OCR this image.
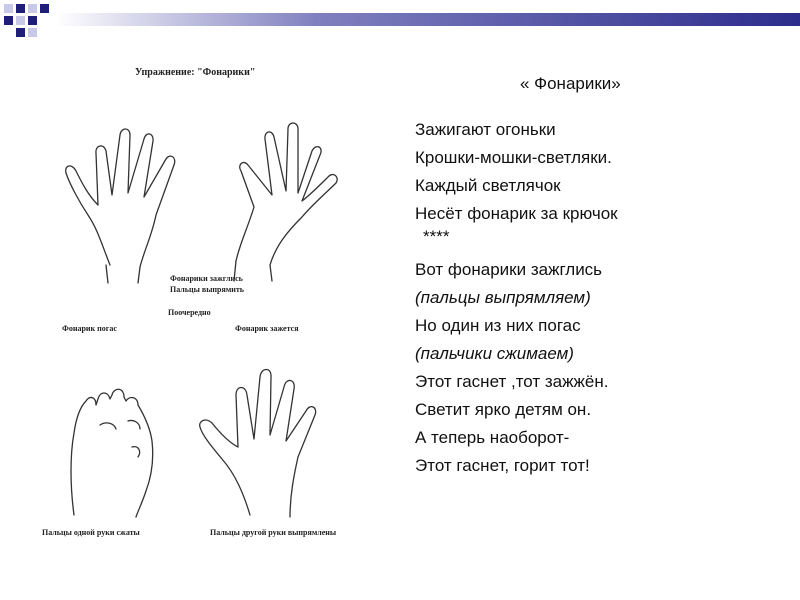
Упражнение: "Фонарики"
Фонарики зажглись
Пальцы выпрямить
Поочередно
Фонарик погас	Фонарик зажется
Пальцы одной руки сжаты	Пальцы другой руки выпрямлены
« Фонарики»
Зажигают огоньки
Крошки-мошки-светляки.
Каждый светлячок
Несёт фонарик за крючок
****
Вот фонарики зажглись
(пальцы выпрямляем)
Но один из них погас
(пальчики сжимаем)
Этот гаснет ,тот зажжён.
Светит ярко детям он.
А теперь наоборот-
Этот гаснет, горит тот!
